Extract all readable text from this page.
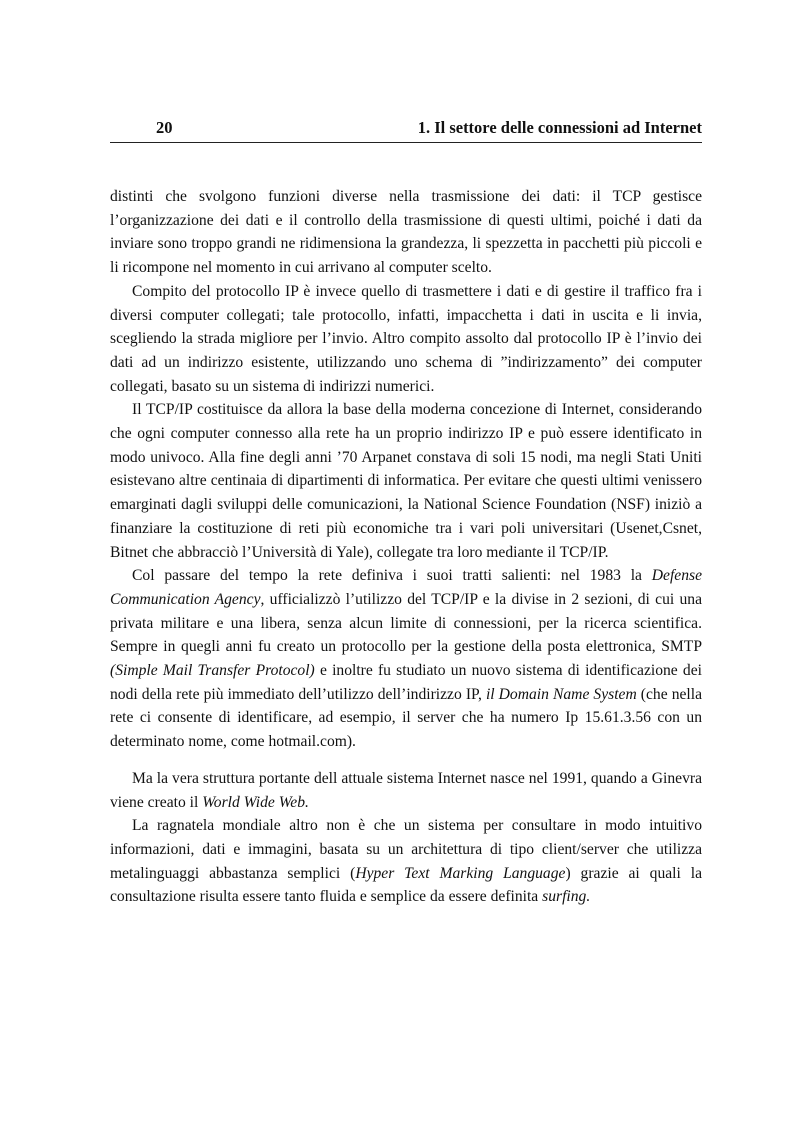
20	1. Il settore delle connessioni ad Internet

distinti che svolgono funzioni diverse nella trasmissione dei dati: il TCP gestisce l’organizzazione dei dati e il controllo della trasmissione di questi ultimi, poiché i dati da inviare sono troppo grandi ne ridimensiona la grandezza, li spezzetta in pacchetti più piccoli e li ricompone nel momento in cui arrivano al computer scelto.

Compito del protocollo IP è invece quello di trasmettere i dati e di gestire il traffico fra i diversi computer collegati; tale protocollo, infatti, impacchetta i dati in uscita e li invia, scegliendo la strada migliore per l’invio. Altro compito assolto dal protocollo IP è l’invio dei dati ad un indirizzo esistente, utilizzando uno schema di ”indirizzamento” dei computer collegati, basato su un sistema di indirizzi numerici.

Il TCP/IP costituisce da allora la base della moderna concezione di Internet, considerando che ogni computer connesso alla rete ha un proprio indirizzo IP e può essere identificato in modo univoco. Alla fine degli anni ’70 Arpanet constava di soli 15 nodi, ma negli Stati Uniti esistevano altre centinaia di dipartimenti di informatica. Per evitare che questi ultimi venissero emarginati dagli sviluppi delle comunicazioni, la National Science Foundation (NSF) iniziò a finanziare la costituzione di reti più economiche tra i vari poli universitari (Usenet,Csnet, Bitnet che abbracciò l’Università di Yale), collegate tra loro mediante il TCP/IP.

Col passare del tempo la rete definiva i suoi tratti salienti: nel 1983 la Defense Communication Agency, ufficializzò l’utilizzo del TCP/IP e la divise in 2 sezioni, di cui una privata militare e una libera, senza alcun limite di connessioni, per la ricerca scientifica. Sempre in quegli anni fu creato un protocollo per la gestione della posta elettronica, SMTP (Simple Mail Transfer Protocol) e inoltre fu studiato un nuovo sistema di identificazione dei nodi della rete più immediato dell’utilizzo dell’indirizzo IP, il Domain Name System (che nella rete ci consente di identificare, ad esempio, il server che ha numero Ip 15.61.3.56 con un determinato nome, come hotmail.com).

Ma la vera struttura portante dell attuale sistema Internet nasce nel 1991, quando a Ginevra viene creato il World Wide Web.

La ragnatela mondiale altro non è che un sistema per consultare in modo intuitivo informazioni, dati e immagini, basata su un architettura di tipo client/server che utilizza metalinguaggi abbastanza semplici (Hyper Text Marking Language) grazie ai quali la consultazione risulta essere tanto fluida e semplice da essere definita surfing.
